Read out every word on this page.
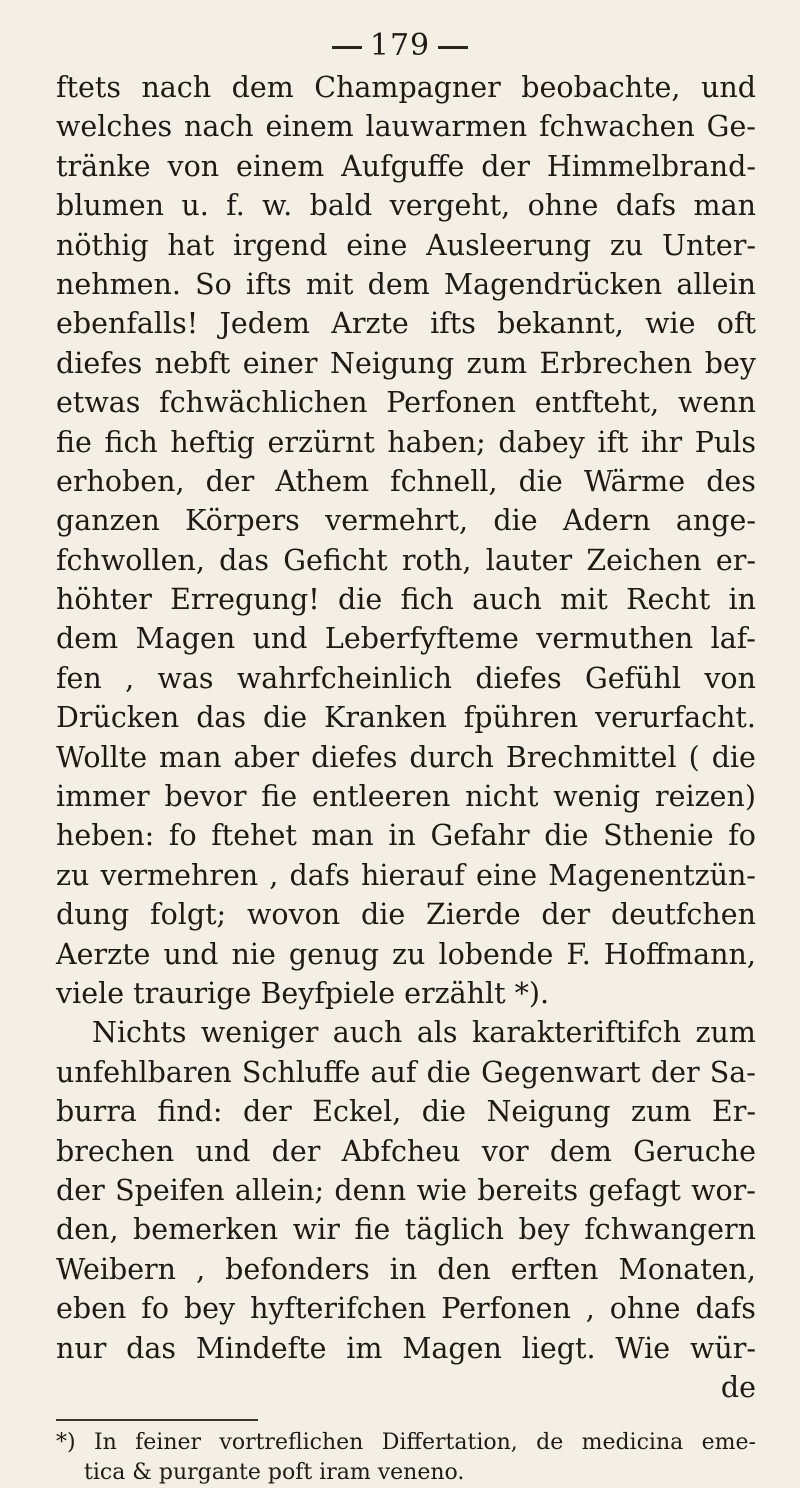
179
ftets nach dem Champagner beobachte, und
welches nach einem lauwarmen fchwachen Ge-
tränke von einem Aufguffe der Himmelbrand-
blumen u. f. w. bald vergeht, ohne dafs man
nöthig hat irgend eine Ausleerung zu Unter-
nehmen. So ifts mit dem Magendrücken allein
ebenfalls! Jedem Arzte ifts bekannt, wie oft
diefes nebft einer Neigung zum Erbrechen bey
etwas fchwächlichen Perfonen entfteht, wenn
fie fich heftig erzürnt haben; dabey ift ihr Puls
erhoben, der Athem fchnell, die Wärme des
ganzen Körpers vermehrt, die Adern ange-
fchwollen, das Geficht roth, lauter Zeichen er-
höhter Erregung! die fich auch mit Recht in
dem Magen und Leberfyfteme vermuthen laf-
fen , was wahrfcheinlich diefes Gefühl von
Drücken das die Kranken fpühren verurfacht.
Wollte man aber diefes durch Brechmittel ( die
immer bevor fie entleeren nicht wenig reizen)
heben: fo ftehet man in Gefahr die Sthenie fo
zu vermehren , dafs hierauf eine Magenentzün-
dung folgt; wovon die Zierde der deutfchen
Aerzte und nie genug zu lobende F. Hoffmann,
viele traurige Beyfpiele erzählt *).
Nichts weniger auch als karakteriftifch zum
unfehlbaren Schluffe auf die Gegenwart der Sa-
burra find: der Eckel, die Neigung zum Er-
brechen und der Abfcheu vor dem Geruche
der Speifen allein; denn wie bereits gefagt wor-
den, bemerken wir fie täglich bey fchwangern
Weibern , befonders in den erften Monaten,
eben fo bey hyfterifchen Perfonen , ohne dafs
nur das Mindefte im Magen liegt. Wie wür-
de
*) In feiner vortreflichen Differtation, de medicina eme-
tica & purgante poft iram veneno.
